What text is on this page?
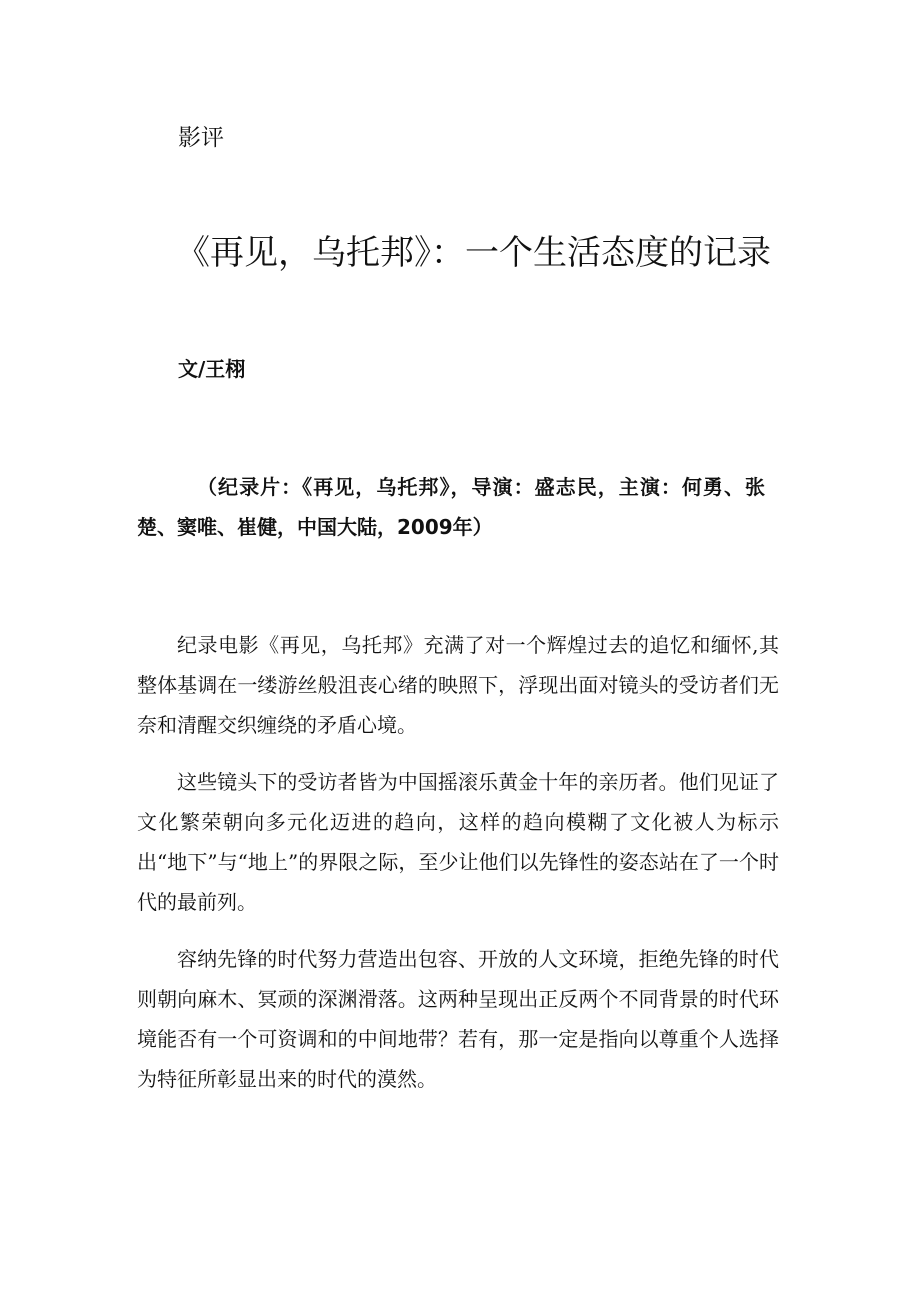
影评
《再见，乌托邦》：一个生活态度的记录
文/王栩

（纪录片：《再见，乌托邦》，导演：盛志民，主演：何勇、张楚、窦唯、崔健，中国大陆，2009年）

纪录电影《再见，乌托邦》充满了对一个辉煌过去的追忆和缅怀,其整体基调在一缕游丝般沮丧心绪的映照下，浮现出面对镜头的受访者们无奈和清醒交织缠绕的矛盾心境。

这些镜头下的受访者皆为中国摇滚乐黄金十年的亲历者。他们见证了文化繁荣朝向多元化迈进的趋向，这样的趋向模糊了文化被人为标示出“地下”与“地上”的界限之际，至少让他们以先锋性的姿态站在了一个时代的最前列。

容纳先锋的时代努力营造出包容、开放的人文环境，拒绝先锋的时代则朝向麻木、冥顽的深渊滑落。这两种呈现出正反两个不同背景的时代环境能否有一个可资调和的中间地带？若有，那一定是指向以尊重个人选择为特征所彰显出来的时代的漠然。
